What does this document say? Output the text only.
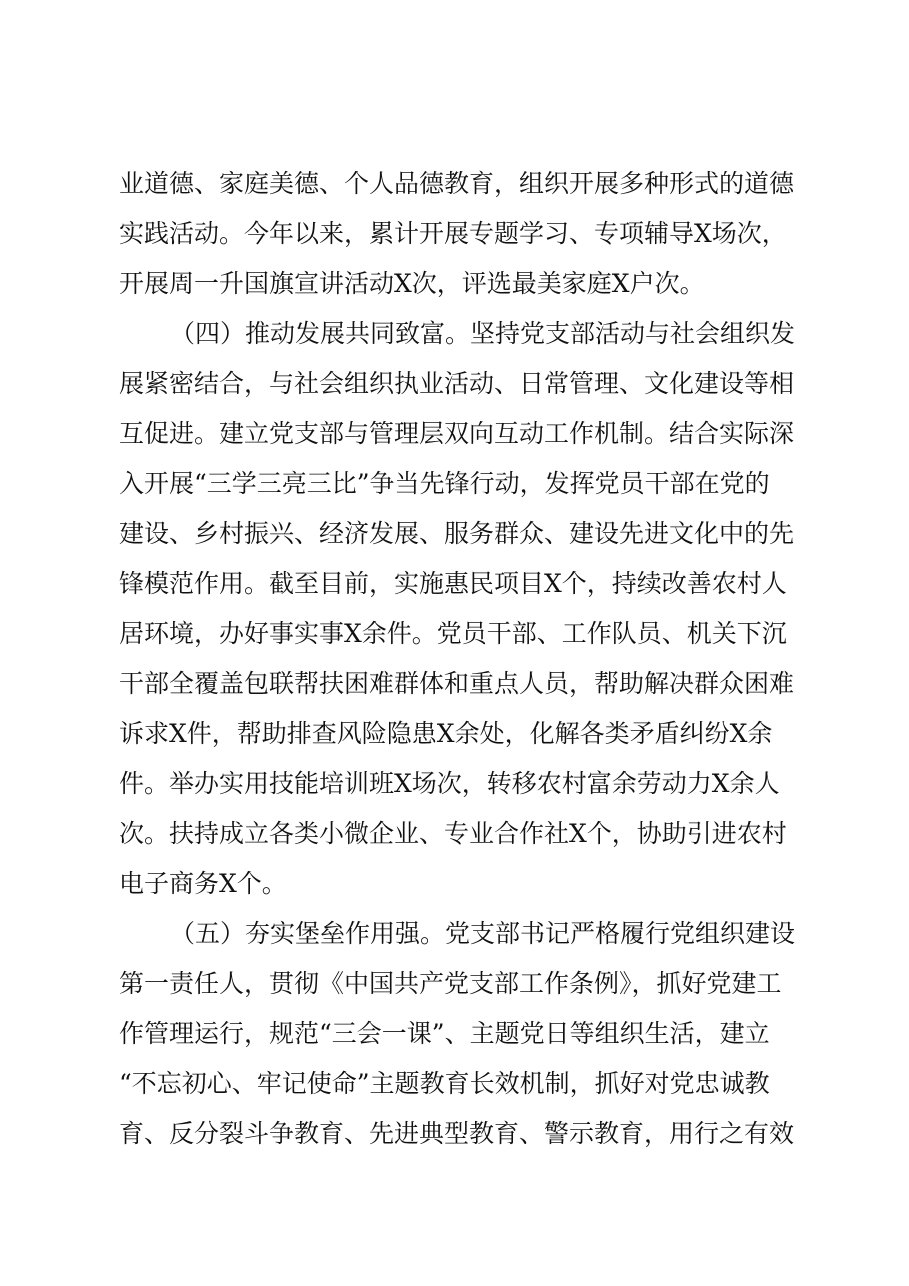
业道德、家庭美德、个人品德教育，组织开展多种形式的道德
实践活动。今年以来，累计开展专题学习、专项辅导X场次，
开展周一升国旗宣讲活动X次，评选最美家庭X户次。
（四）推动发展共同致富。坚持党支部活动与社会组织发
展紧密结合，与社会组织执业活动、日常管理、文化建设等相
互促进。建立党支部与管理层双向互动工作机制。结合实际深
入开展“三学三亮三比”争当先锋行动，发挥党员干部在党的
建设、乡村振兴、经济发展、服务群众、建设先进文化中的先
锋模范作用。截至目前，实施惠民项目X个，持续改善农村人
居环境，办好事实事X余件。党员干部、工作队员、机关下沉
干部全覆盖包联帮扶困难群体和重点人员，帮助解决群众困难
诉求X件，帮助排查风险隐患X余处，化解各类矛盾纠纷X余
件。举办实用技能培训班X场次，转移农村富余劳动力X余人
次。扶持成立各类小微企业、专业合作社X个，协助引进农村
电子商务X个。
（五）夯实堡垒作用强。党支部书记严格履行党组织建设
第一责任人，贯彻《中国共产党支部工作条例》，抓好党建工
作管理运行，规范“三会一课”、主题党日等组织生活，建立
“不忘初心、牢记使命”主题教育长效机制，抓好对党忠诚教
育、反分裂斗争教育、先进典型教育、警示教育，用行之有效
